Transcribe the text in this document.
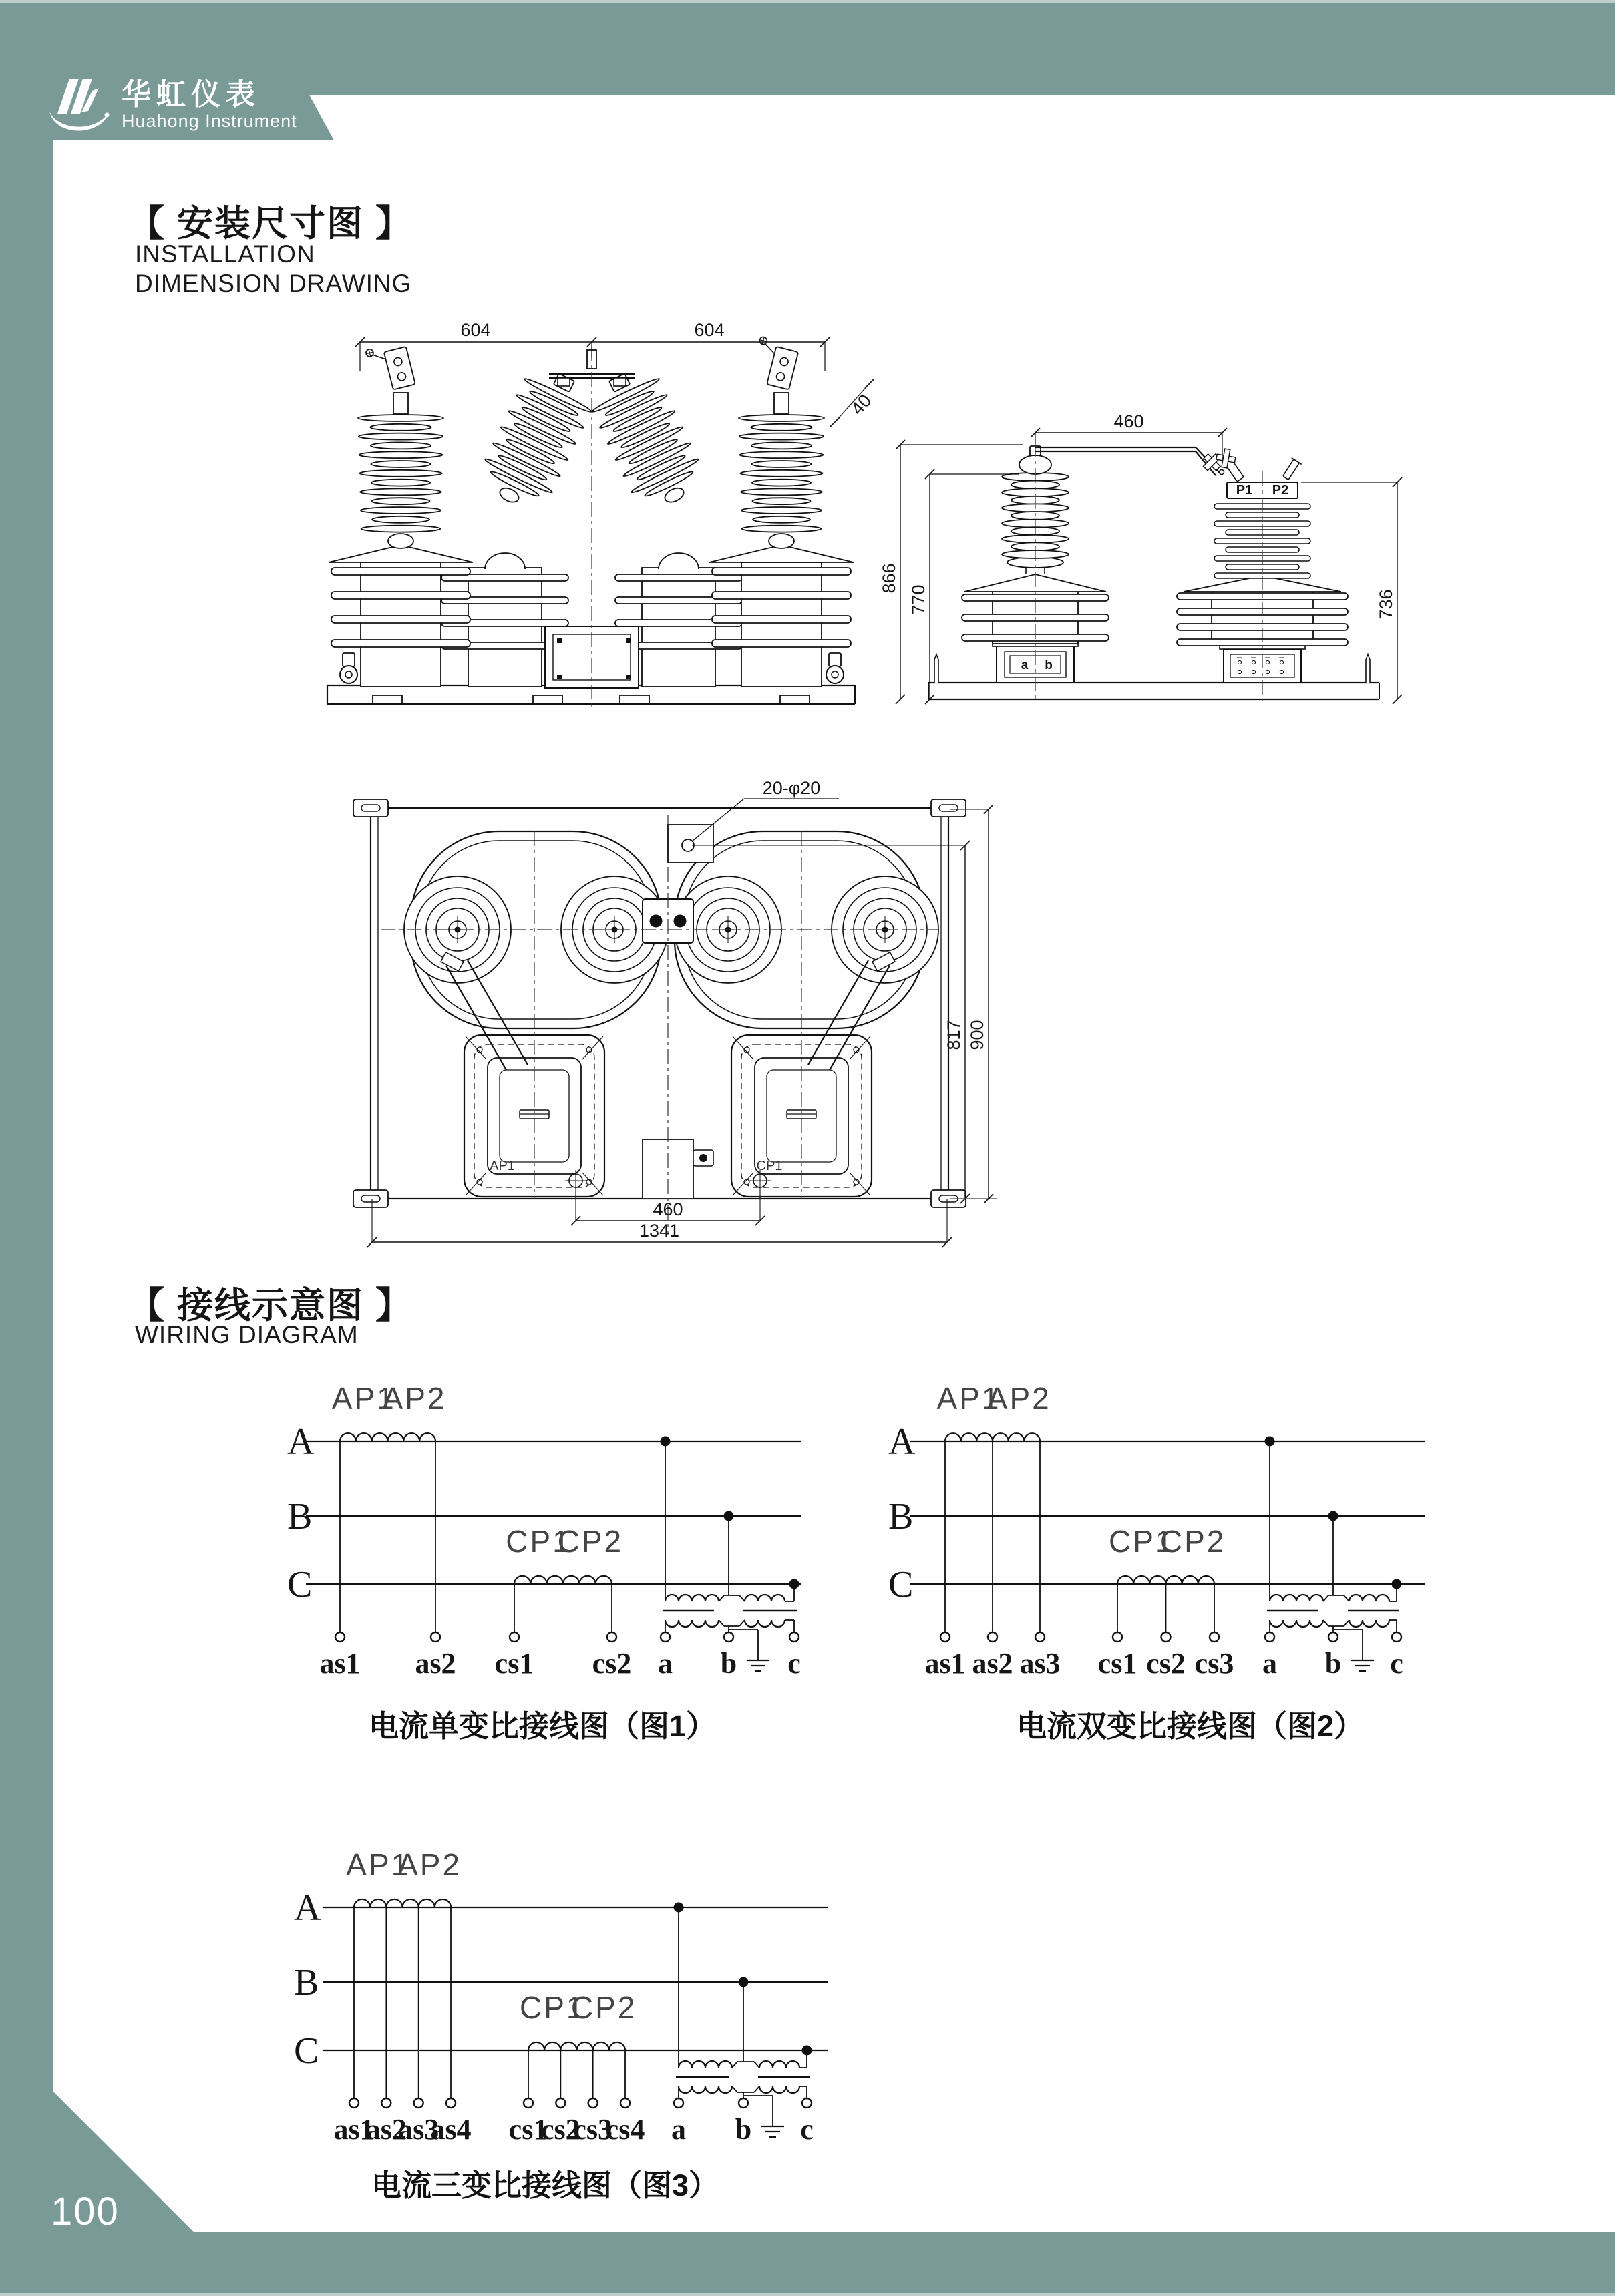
100
华虹仪表
Huahong Instrument
【 安装尺寸图 】
INSTALLATION
DIMENSION DRAWING
【 接线示意图 】
WIRING DIAGRAM
604	604
40
a b
P1 P2
460
866
770	736
AP1	CP1
20-φ20
817 900
460
1341
A
B
C
AP1
AP2
as1 as2
CP1
CP2
cs1 cs2 a b c
A
B
C
AP1
AP2
as1 as2 as3
CP1
CP2
cs1 cs2 cs3 a b c
A
B
C
AP1
AP2
as1
as2
as3
as4
CP1
CP2
cs1
cs2
cs3
cs4 a b c
电流单变比接线图（图1）	电流双变比接线图（图2）
电流三变比接线图（图3）
